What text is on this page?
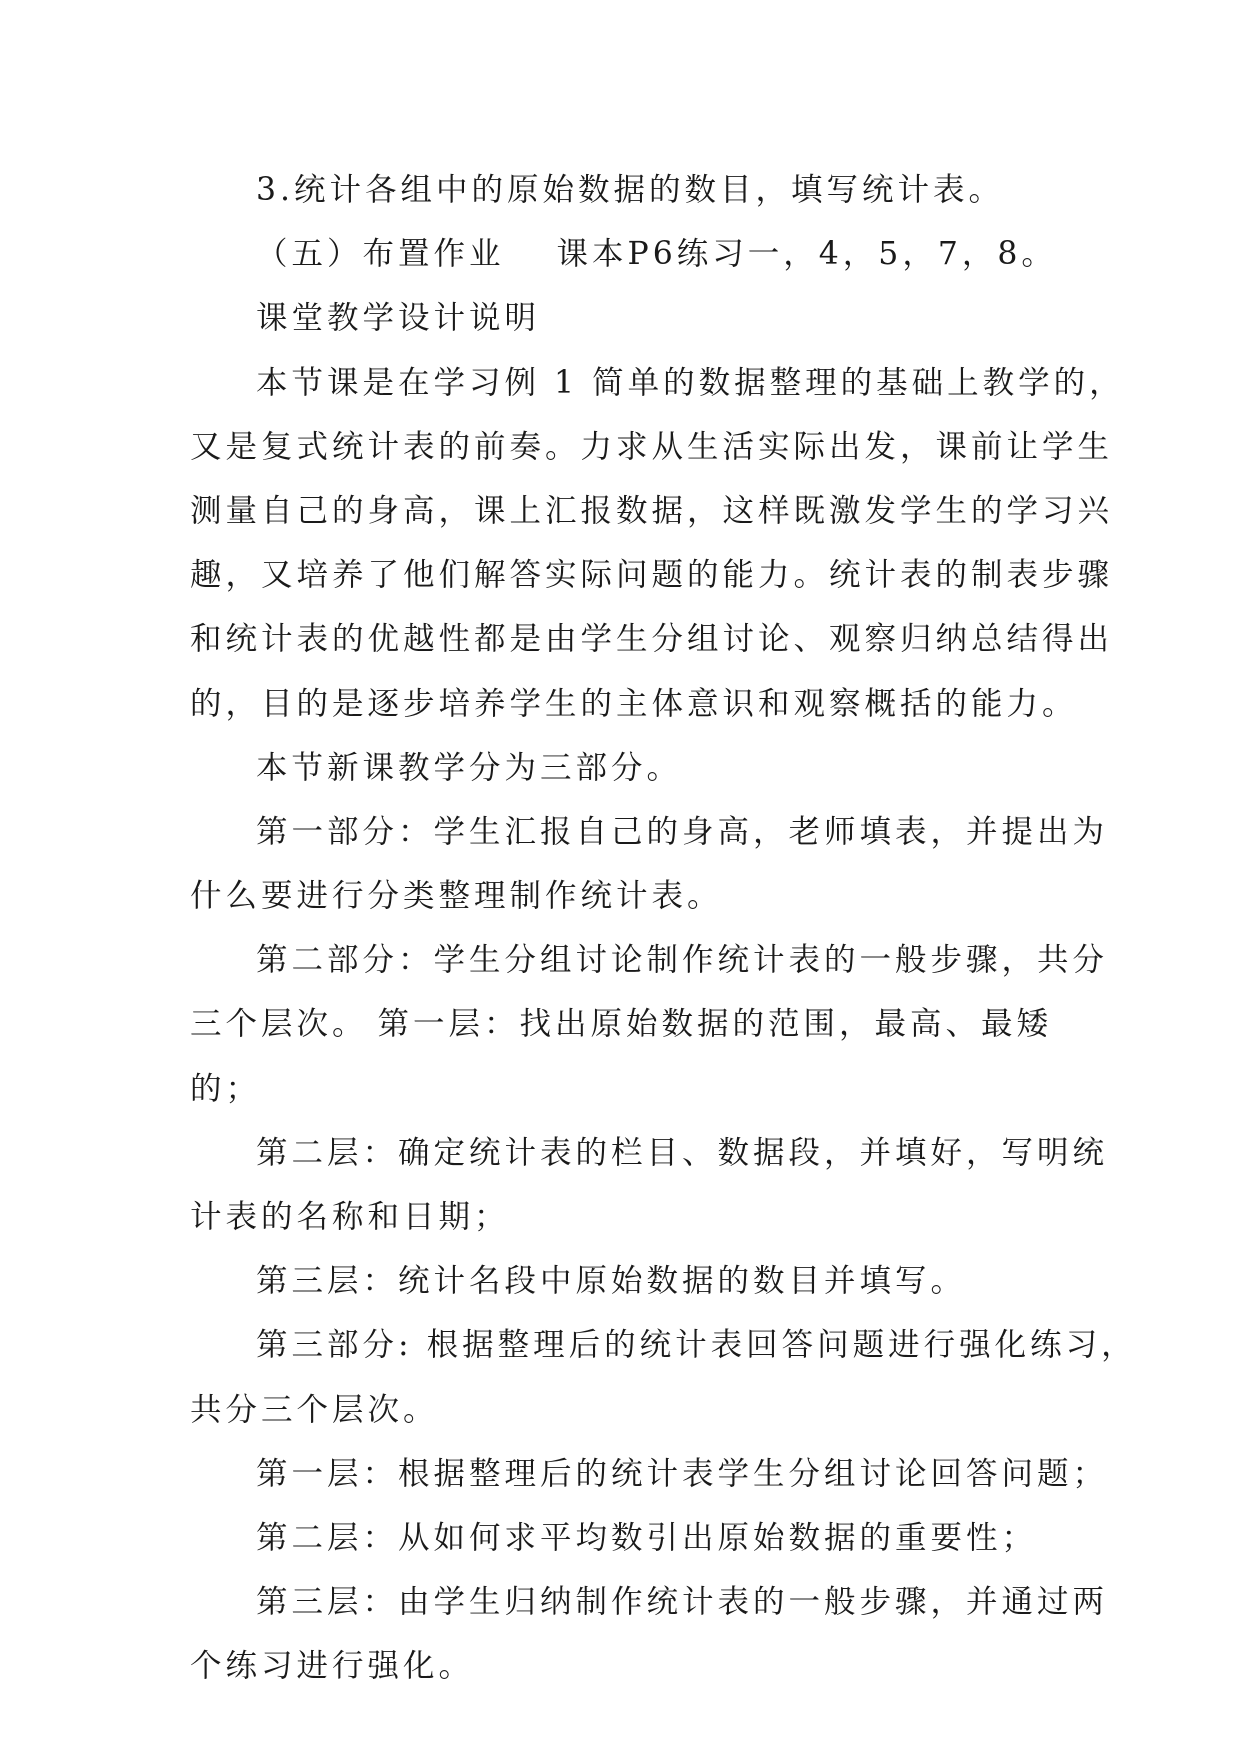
3.统计各组中的原始数据的数目，填写统计表。
（五）布置作业 课本P6练习一，4，5，7，8。
课堂教学设计说明
本节课是在学习例 1 简单的数据整理的基础上教学的，
又是复式统计表的前奏。力求从生活实际出发，课前让学生
测量自己的身高，课上汇报数据，这样既激发学生的学习兴
趣，又培养了他们解答实际问题的能力。统计表的制表步骤
和统计表的优越性都是由学生分组讨论、观察归纳总结得出
的，目的是逐步培养学生的主体意识和观察概括的能力。
本节新课教学分为三部分。
第一部分：学生汇报自己的身高，老师填表，并提出为
什么要进行分类整理制作统计表。
第二部分：学生分组讨论制作统计表的一般步骤，共分
三个层次。 第一层：找出原始数据的范围，最高、最矮
的；
第二层：确定统计表的栏目、数据段，并填好，写明统
计表的名称和日期；
第三层：统计名段中原始数据的数目并填写。
第三部分: 根据整理后的统计表回答问题进行强化练习，
共分三个层次。
第一层：根据整理后的统计表学生分组讨论回答问题；
第二层：从如何求平均数引出原始数据的重要性；
第三层：由学生归纳制作统计表的一般步骤，并通过两
个练习进行强化。
